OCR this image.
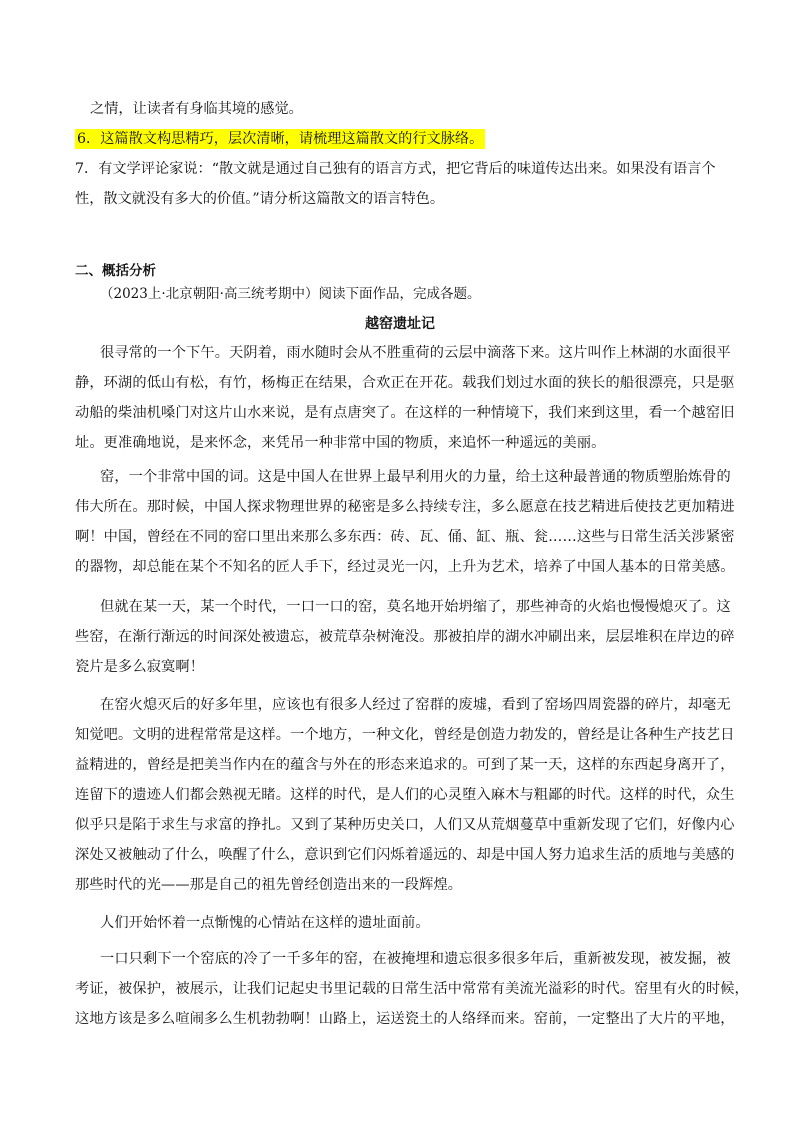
之情，让读者有身临其境的感觉。
6．这篇散文构思精巧，层次清晰，请梳理这篇散文的行文脉络。
7．有文学评论家说：“散文就是通过自己独有的语言方式，把它背后的味道传达出来。如果没有语言个
性，散文就没有多大的价值。”请分析这篇散文的语言特色。
二、概括分析
（2023上·北京朝阳·高三统考期中）阅读下面作品，完成各题。
越窑遗址记
很寻常的一个下午。天阴着，雨水随时会从不胜重荷的云层中滴落下来。这片叫作上林湖的水面很平
静，环湖的低山有松，有竹，杨梅正在结果，合欢正在开花。载我们划过水面的狭长的船很漂亮，只是驱
动船的柴油机嗓门对这片山水来说，是有点唐突了。在这样的一种情境下，我们来到这里，看一个越窑旧
址。更准确地说，是来怀念，来凭吊一种非常中国的物质，来追怀一种遥远的美丽。
窑，一个非常中国的词。这是中国人在世界上最早利用火的力量，给土这种最普通的物质塑胎炼骨的
伟大所在。那时候，中国人探求物理世界的秘密是多么持续专注，多么愿意在技艺精进后使技艺更加精进
啊！中国，曾经在不同的窑口里出来那么多东西：砖、瓦、俑、缸、瓶、瓮……这些与日常生活关涉紧密
的器物，却总能在某个不知名的匠人手下，经过灵光一闪，上升为艺术，培养了中国人基本的日常美感。
但就在某一天，某一个时代，一口一口的窑，莫名地开始坍缩了，那些神奇的火焰也慢慢熄灭了。这
些窑，在渐行渐远的时间深处被遗忘，被荒草杂树淹没。那被拍岸的湖水冲刷出来，层层堆积在岸边的碎
瓷片是多么寂寞啊！
在窑火熄灭后的好多年里，应该也有很多人经过了窑群的废墟，看到了窑场四周瓷器的碎片，却毫无
知觉吧。文明的进程常常是这样。一个地方，一种文化，曾经是创造力勃发的，曾经是让各种生产技艺日
益精进的，曾经是把美当作内在的蕴含与外在的形态来追求的。可到了某一天，这样的东西起身离开了，
连留下的遗迹人们都会熟视无睹。这样的时代，是人们的心灵堕入麻木与粗鄙的时代。这样的时代，众生
似乎只是陷于求生与求富的挣扎。又到了某种历史关口，人们又从荒烟蔓草中重新发现了它们，好像内心
深处又被触动了什么，唤醒了什么，意识到它们闪烁着遥远的、却是中国人努力追求生活的质地与美感的
那些时代的光——那是自己的祖先曾经创造出来的一段辉煌。
人们开始怀着一点惭愧的心情站在这样的遗址面前。
一口只剩下一个窑底的冷了一千多年的窑，在被掩埋和遗忘很多很多年后，重新被发现，被发掘，被
考证，被保护，被展示，让我们记起史书里记载的日常生活中常常有美流光溢彩的时代。窑里有火的时候，
这地方该是多么喧闹多么生机勃勃啊！山路上，运送瓷土的人络绎而来。窑前，一定整出了大片的平地，
